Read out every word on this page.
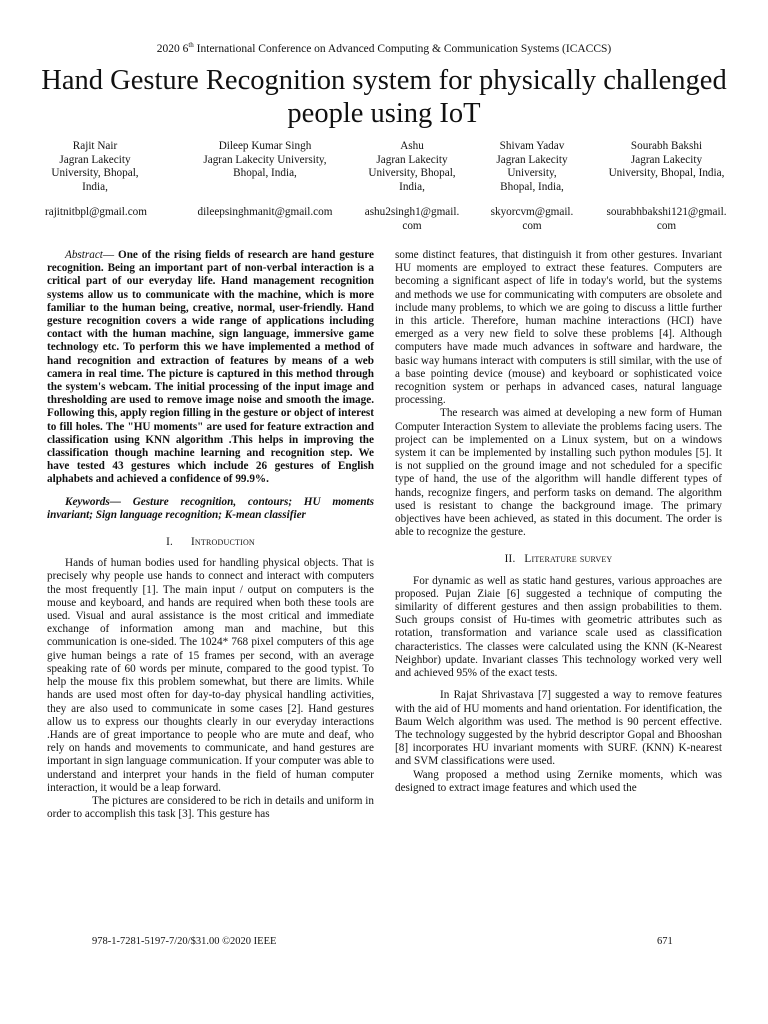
2020 6th International Conference on Advanced Computing & Communication Systems (ICACCS)
Hand Gesture Recognition system for physically challenged people using IoT
Rajit Nair
Jagran Lakecity
University, Bhopal,
India,
rajitnitbpl@gmail.com
Dileep Kumar Singh
Jagran Lakecity University,
Bhopal, India,
dileepsinghmanit@gmail.com
Ashu
Jagran Lakecity
University, Bhopal,
India,
ashu2singh1@gmail.
com
Shivam Yadav
Jagran Lakecity
University,
Bhopal, India,
skyorcvm@gmail.
com
Sourabh Bakshi
Jagran Lakecity
University, Bhopal, India,
sourabhbakshi121@gmail.
com

Abstract— One of the rising fields of research are hand gesture recognition. Being an important part of non-verbal interaction is a critical part of our everyday life. Hand management recognition systems allow us to communicate with the machine, which is more familiar to the human being, creative, normal, user-friendly. Hand gesture recognition covers a wide range of applications including contact with the human machine, sign language, immersive game technology etc. To perform this we have implemented a method of hand recognition and extraction of features by means of a web camera in real time. The picture is captured in this method through the system's webcam. The initial processing of the input image and thresholding are used to remove image noise and smooth the image. Following this, apply region filling in the gesture or object of interest to fill holes. The "HU moments" are used for feature extraction and classification using KNN algorithm .This helps in improving the classification though machine learning and recognition step. We have tested 43 gestures which include 26 gestures of English alphabets and achieved a confidence of 99.9%.

Keywords— Gesture recognition, contours; HU moments invariant; Sign language recognition; K-mean classifier

I.      Introduction

Hands of human bodies used for handling physical objects. That is precisely why people use hands to connect and interact with computers the most frequently [1]. The main input / output on computers is the mouse and keyboard, and hands are required when both these tools are used. Visual and aural assistance is the most critical and immediate exchange of information among man and machine, but this communication is one-sided. The 1024* 768 pixel computers of this age give human beings a rate of 15 frames per second, with an average speaking rate of 60 words per minute, compared to the good typist. To help the mouse fix this problem somewhat, but there are limits. While hands are used most often for day-to-day physical handling activities, they are also used to communicate in some cases [2]. Hand gestures allow us to express our thoughts clearly in our everyday interactions .Hands are of great importance to people who are mute and deaf, who rely on hands and movements to communicate, and hand gestures are important in sign language communication. If your computer was able to understand and interpret your hands in the field of human computer interaction, it would be a leap forward.

The pictures are considered to be rich in details and uniform in order to accomplish this task [3]. This gesture has

some distinct features, that distinguish it from other gestures. Invariant HU moments are employed to extract these features. Computers are becoming a significant aspect of life in today's world, but the systems and methods we use for communicating with computers are obsolete and include many problems, to which we are going to discuss a little further in this article. Therefore, human machine interactions (HCI) have emerged as a very new field to solve these problems [4]. Although computers have made much advances in software and hardware, the basic way humans interact with computers is still similar, with the use of a base pointing device (mouse) and keyboard or sophisticated voice recognition system or perhaps in advanced cases, natural language processing.

The research was aimed at developing a new form of Human Computer Interaction System to alleviate the problems facing users. The project can be implemented on a Linux system, but on a windows system it can be implemented by installing such python modules [5]. It is not supplied on the ground image and not scheduled for a specific type of hand, the use of the algorithm will handle different types of hands, recognize fingers, and perform tasks on demand. The algorithm used is resistant to change the background image. The primary objectives have been achieved, as stated in this document. The order is able to recognize the gesture.

II.   Literature survey

For dynamic as well as static hand gestures, various approaches are proposed. Pujan Ziaie [6] suggested a technique of computing the similarity of different gestures and then assign probabilities to them. Such groups consist of Hu-times with geometric attributes such as rotation, transformation and variance scale used as classification characteristics. The classes were calculated using the KNN (K-Nearest Neighbor) update. Invariant classes This technology worked very well and achieved 95% of the exact tests.

In Rajat Shrivastava [7] suggested a way to remove features with the aid of HU moments and hand orientation. For identification, the Baum Welch algorithm was used. The method is 90 percent effective. The technology suggested by the hybrid descriptor Gopal and Bhooshan [8] incorporates HU invariant moments with SURF. (KNN) K-nearest and SVM classifications were used.

Wang proposed a method using Zernike moments, which was designed to extract image features and which used the

978-1-7281-5197-7/20/$31.00 ©2020 IEEE	671
